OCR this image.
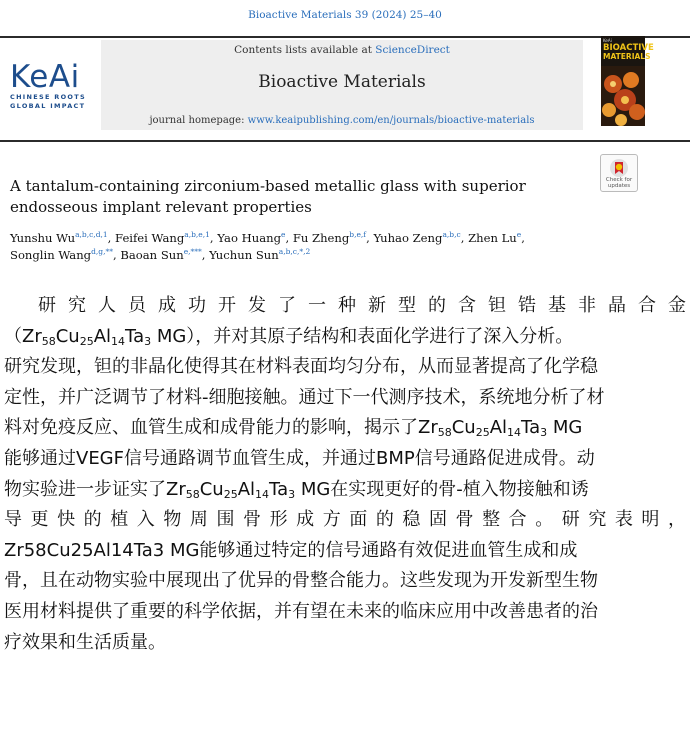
Bioactive Materials 39 (2024) 25–40
KeAi
CHINESE ROOTS
GLOBAL IMPACT
Contents lists available at ScienceDirect
Bioactive Materials
journal homepage: www.keaipublishing.com/en/journals/bioactive-materials
KeAi
BIOACTIVE
MATERIALS
Check for
updates
A tantalum-containing zirconium-based metallic glass with superior
endosseous implant relevant properties
Yunshu Wu$^{a,b,c,d,1}$, Feifei Wang$^{a,b,e,1}$, Yao Huang$^e$, Fu Zheng$^{b,e,f}$, Yuhao Zeng$^{a,b,c}$, Zhen Lu$^e$,
Songlin Wang$^{d,g,**}$, Baoan Sun$^{e,***}$, Yuchun Sun$^{a,b,c,*,2}$
研究人员成功开发了一种新型的含钽锆基非晶合金
（$Zr_{58}Cu_{25}Al_{14}Ta_3$ MG），并对其原子结构和表面化学进行了深入分析。
研究发现，钽的非晶化使得其在材料表面均匀分布，从而显著提高了化学稳
定性，并广泛调节了材料-细胞接触。通过下一代测序技术，系统地分析了材
料对免疫反应、血管生成和成骨能力的影响，揭示了$Zr_{58}Cu_{25}Al_{14}Ta_3$ MG
能够通过VEGF信号通路调节血管生成，并通过BMP信号通路促进成骨。动
物实验进一步证实了$Zr_{58}Cu_{25}Al_{14}Ta_3$ MG在实现更好的骨-植入物接触和诱
导更快的植入物周围骨形成方面的稳固骨整合。研究表明，
Zr58Cu25Al14Ta3 MG能够通过特定的信号通路有效促进血管生成和成
骨，且在动物实验中展现出了优异的骨整合能力。这些发现为开发新型生物
医用材料提供了重要的科学依据，并有望在未来的临床应用中改善患者的治
疗效果和生活质量。
